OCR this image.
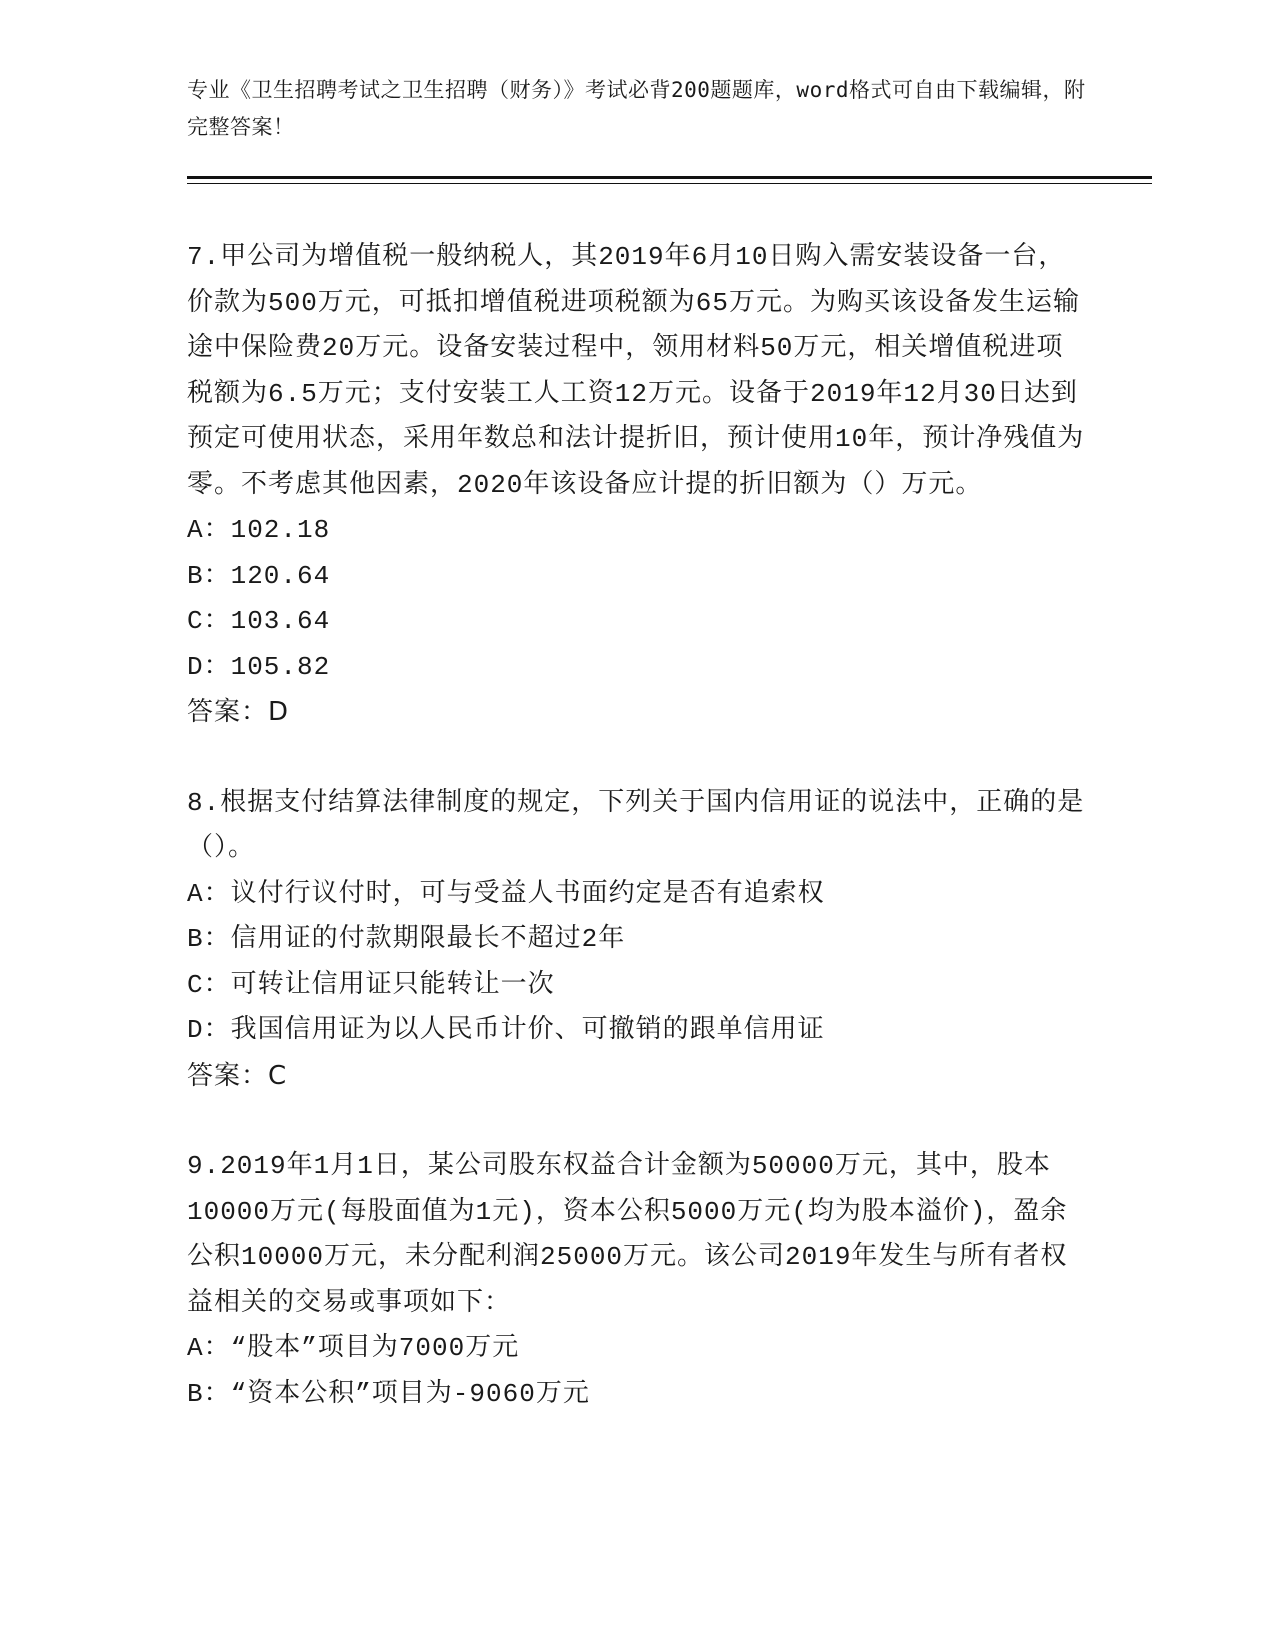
专业《卫生招聘考试之卫生招聘（财务）》考试必背200题题库，word格式可自由下载编辑，附完整答案！
7.甲公司为增值税一般纳税人，其2019年6月10日购入需安装设备一台，价款为500万元，可抵扣增值税进项税额为65万元。为购买该设备发生运输途中保险费20万元。设备安装过程中，领用材料50万元，相关增值税进项税额为6.5万元；支付安装工人工资12万元。设备于2019年12月30日达到预定可使用状态，采用年数总和法计提折旧，预计使用10年，预计净残值为零。不考虑其他因素，2020年该设备应计提的折旧额为（）万元。
A：102.18
B：120.64
C：103.64
D：105.82
答案：D
8.根据支付结算法律制度的规定，下列关于国内信用证的说法中，正确的是（）。
A：议付行议付时，可与受益人书面约定是否有追索权
B：信用证的付款期限最长不超过2年
C：可转让信用证只能转让一次
D：我国信用证为以人民币计价、可撤销的跟单信用证
答案：C
9.2019年1月1日，某公司股东权益合计金额为50000万元，其中，股本10000万元(每股面值为1元)，资本公积5000万元(均为股本溢价)，盈余公积10000万元，未分配利润25000万元。该公司2019年发生与所有者权益相关的交易或事项如下：
A：“股本”项目为7000万元
B：“资本公积”项目为-9060万元
